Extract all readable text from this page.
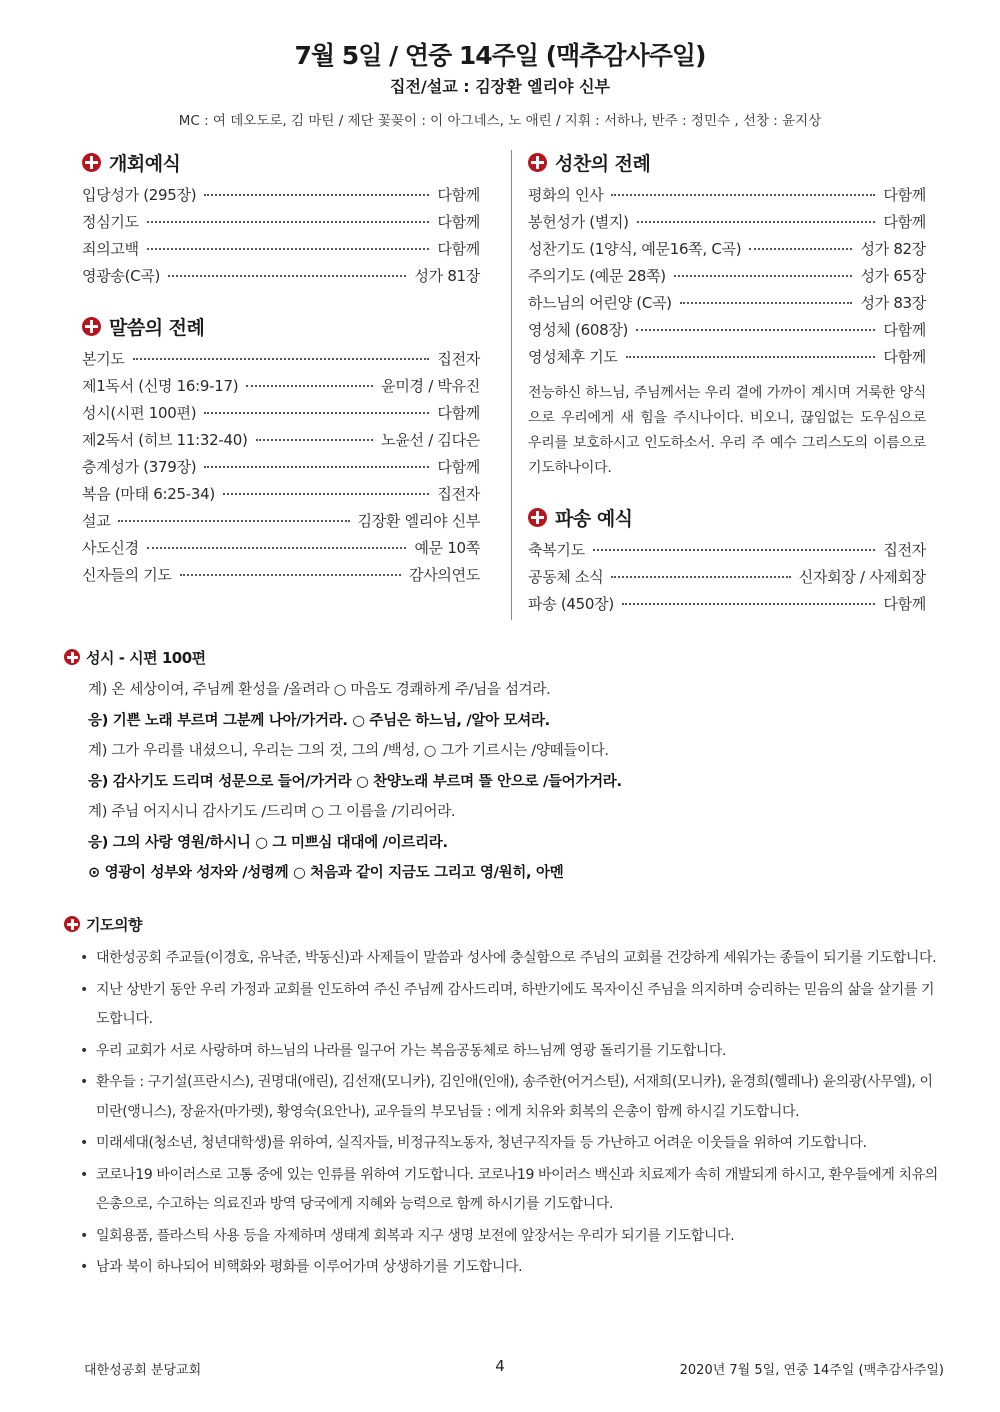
7월 5일 / 연중 14주일 (맥추감사주일)
집전/설교 : 김장환 엘리야 신부
MC : 여 데오도로, 김 마틴 / 제단 꽃꽂이 : 이 아그네스, 노 애린 / 지휘 : 서하나, 반주 : 정민수 , 선창 : 윤지상
개회예식
입당성가 (295장)	다함께
정심기도	다함께
죄의고백	다함께
영광송(C곡)	성가 81장
말씀의 전례
본기도	집전자
제1독서 (신명 16:9-17)	윤미경 / 박유진
성시(시편 100편)	다함께
제2독서 (히브 11:32-40)	노윤선 / 김다은
층계성가 (379장)	다함께
복음 (마태 6:25-34)	집전자
설교	김장환 엘리야 신부
사도신경	예문 10쪽
신자들의 기도	감사의연도
성찬의 전례
평화의 인사	다함께
봉헌성가 (별지)	다함께
성찬기도 (1양식, 예문16쪽, C곡)	성가 82장
주의기도 (예문 28쪽)	성가 65장
하느님의 어린양 (C곡)	성가 83장
영성체 (608장)	다함께
영성체후 기도	다함께
전능하신 하느님, 주님께서는 우리 곁에 가까이 계시며 거룩한 양식으로 우리에게 새 힘을 주시나이다. 비오니, 끊임없는 도우심으로 우리를 보호하시고 인도하소서. 우리 주 예수 그리스도의 이름으로 기도하나이다.
파송 예식
축복기도	집전자
공동체 소식	신자회장 / 사제회장
파송 (450장)	다함께
성시 - 시편 100편
계) 온 세상이여, 주님께 환성을 /올려라 ○ 마음도 경쾌하게 주/님을 섬겨라.
응) 기쁜 노래 부르며 그분께 나아/가거라. ○ 주님은 하느님, /알아 모셔라.
계) 그가 우리를 내셨으니, 우리는 그의 것, 그의 /백성, ○ 그가 기르시는 /양떼들이다.
응) 감사기도 드리며 성문으로 들어/가거라 ○ 찬양노래 부르며 뜰 안으로 /들어가거라.
계) 주님 어지시니 감사기도 /드리며 ○ 그 이름을 /기리어라.
응) 그의 사랑 영원/하시니 ○ 그 미쁘심 대대에 /이르리라.
⊙ 영광이 성부와 성자와 /성령께 ○ 처음과 같이 지금도 그리고 영/원히, 아멘
기도의향
• 대한성공회 주교들(이경호, 유낙준, 박동신)과 사제들이 말씀과 성사에 충실함으로 주님의 교회를 건강하게 세워가는 종들이 되기를 기도합니다.
• 지난 상반기 동안 우리 가정과 교회를 인도하여 주신 주님께 감사드리며, 하반기에도 목자이신 주님을 의지하며 승리하는 믿음의 삶을 살기를 기도합니다.
• 우리 교회가 서로 사랑하며 하느님의 나라를 일구어 가는 복음공동체로 하느님께 영광 돌리기를 기도합니다.
• 환우들 : 구기설(프란시스), 권명대(애린), 김선재(모니카), 김인애(인애), 송주한(어거스틴), 서재희(모니카), 윤경희(헬레나) 윤의광(사무엘), 이미란(앵니스), 장윤자(마가렛), 황영숙(요안나), 교우들의 부모님들 : 에게 치유와 회복의 은총이 함께 하시길 기도합니다.
• 미래세대(청소년, 청년대학생)를 위하여, 실직자들, 비정규직노동자, 청년구직자들 등 가난하고 어려운 이웃들을 위하여 기도합니다.
• 코로나19 바이러스로 고통 중에 있는 인류를 위하여 기도합니다. 코로나19 바이러스 백신과 치료제가 속히 개발되게 하시고, 환우들에게 치유의 은총으로, 수고하는 의료진과 방역 당국에게 지혜와 능력으로 함께 하시기를 기도합니다.
• 일회용품, 플라스틱 사용 등을 자제하며 생태계 회복과 지구 생명 보전에 앞장서는 우리가 되기를 기도합니다.
• 남과 북이 하나되어 비핵화와 평화를 이루어가며 상생하기를 기도합니다.
대한성공회 분당교회	4	2020년 7월 5일, 연중 14주일 (맥추감사주일)
